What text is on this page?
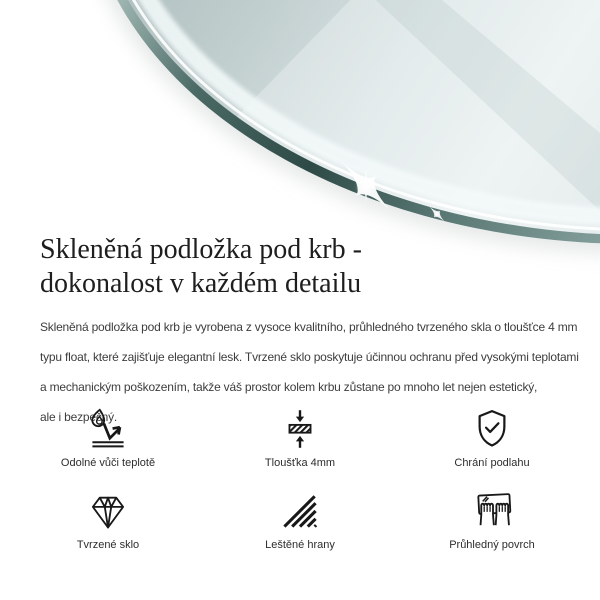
Skleněná podložka pod krb -
dokonalost v každém detailu
Skleněná podložka pod krb je vyrobena z vysoce kvalitního, průhledného tvrzeného skla o tloušťce 4 mm
typu float, které zajišťuje elegantní lesk. Tvrzené sklo poskytuje účinnou ochranu před vysokými teplotami
a mechanickým poškozením, takže váš prostor kolem krbu zůstane po mnoho let nejen estetický,
ale i bezpečný.
Odolné vůči teplotě	Tloušťka 4mm	Chrání podlahu
Tvrzené sklo	Leštěné hrany	Průhledný povrch
